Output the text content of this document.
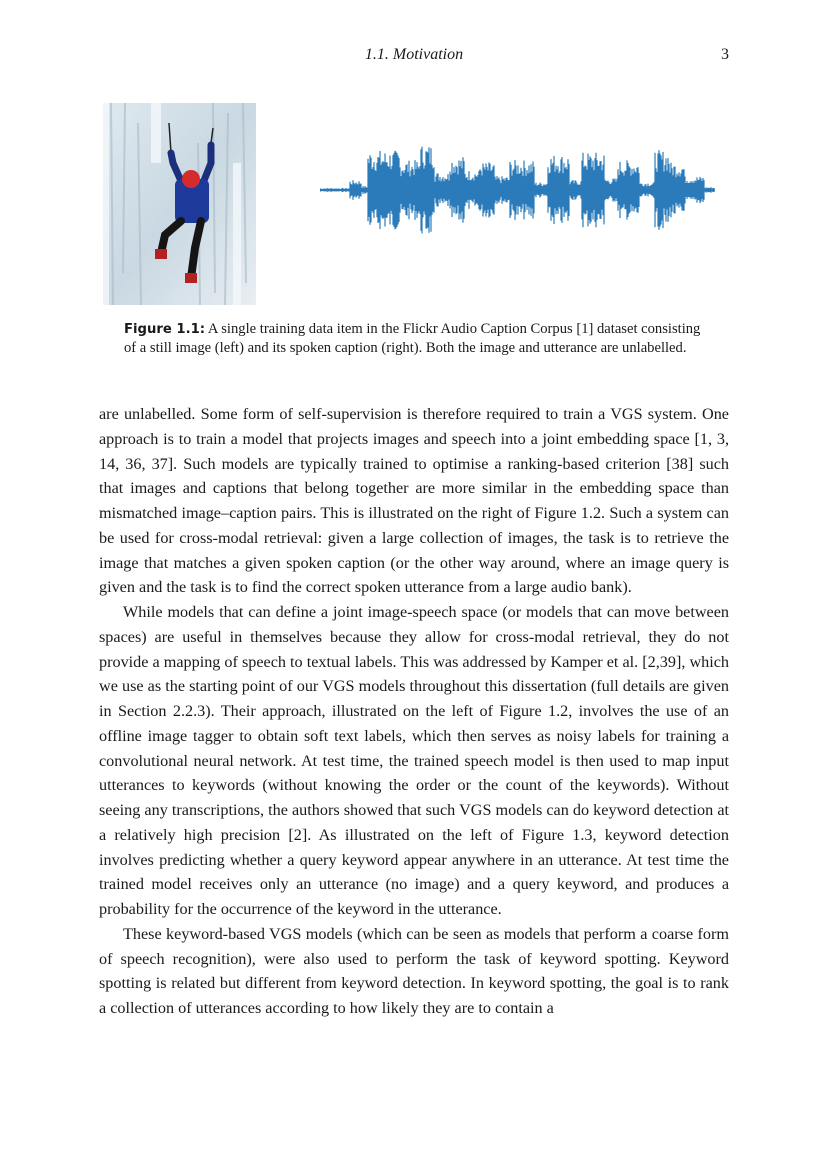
1.1. Motivation	3
Figure 1.1: A single training data item in the Flickr Audio Caption Corpus [1] dataset consisting of a still image (left) and its spoken caption (right). Both the image and utterance are unlabelled.

are unlabelled. Some form of self-supervision is therefore required to train a VGS system. One approach is to train a model that projects images and speech into a joint embedding space [1, 3, 14, 36, 37]. Such models are typically trained to optimise a ranking-based criterion [38] such that images and captions that belong together are more similar in the embedding space than mismatched image–caption pairs. This is illustrated on the right of Figure 1.2. Such a system can be used for cross-modal retrieval: given a large collection of images, the task is to retrieve the image that matches a given spoken caption (or the other way around, where an image query is given and the task is to find the correct spoken utterance from a large audio bank).

While models that can define a joint image-speech space (or models that can move between spaces) are useful in themselves because they allow for cross-modal retrieval, they do not provide a mapping of speech to textual labels. This was addressed by Kamper et al. [2,39], which we use as the starting point of our VGS models throughout this dissertation (full details are given in Section 2.2.3). Their approach, illustrated on the left of Figure 1.2, involves the use of an offline image tagger to obtain soft text labels, which then serves as noisy labels for training a convolutional neural network. At test time, the trained speech model is then used to map input utterances to keywords (without knowing the order or the count of the keywords). Without seeing any transcriptions, the authors showed that such VGS models can do keyword detection at a relatively high precision [2]. As illustrated on the left of Figure 1.3, keyword detection involves predicting whether a query keyword appear anywhere in an utterance. At test time the trained model receives only an utterance (no image) and a query keyword, and produces a probability for the occurrence of the keyword in the utterance.

These keyword-based VGS models (which can be seen as models that perform a coarse form of speech recognition), were also used to perform the task of keyword spotting. Keyword spotting is related but different from keyword detection. In keyword spotting, the goal is to rank a collection of utterances according to how likely they are to contain a
